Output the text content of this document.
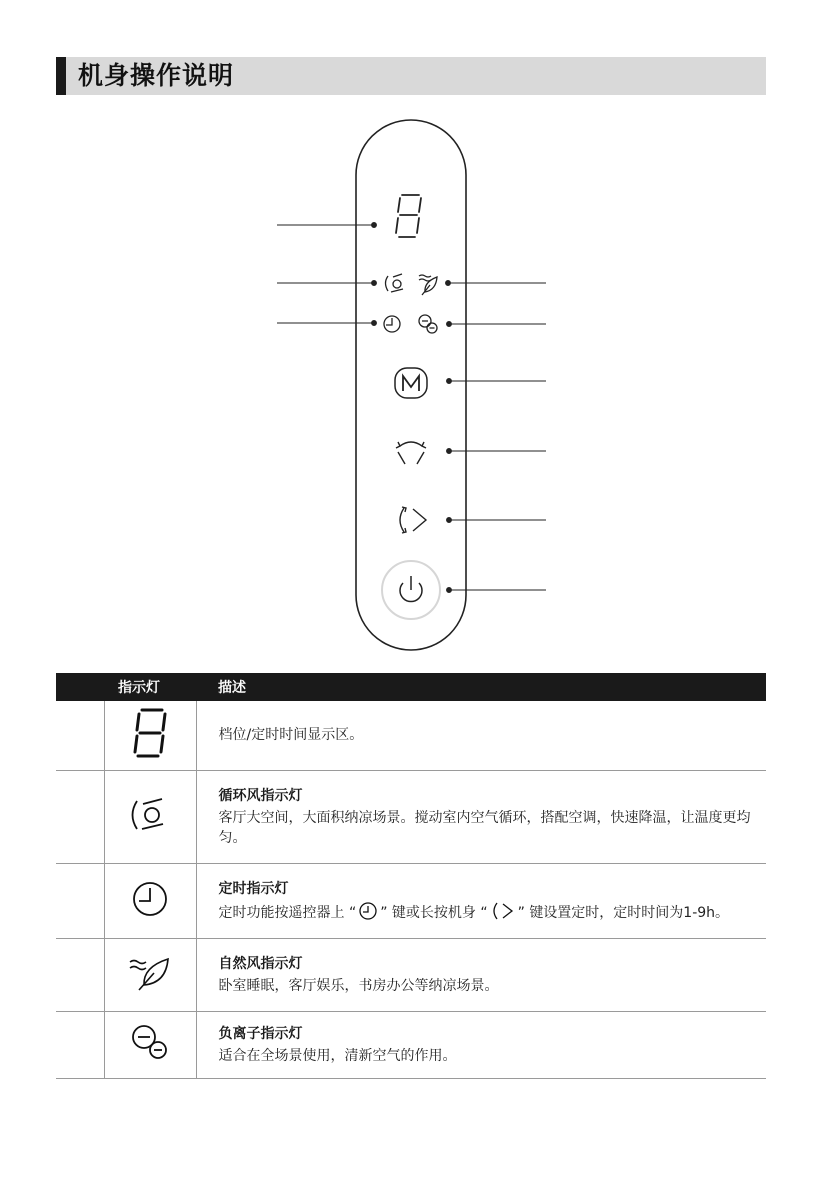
机身操作说明
	指示灯	描述

档位/定时时间显示区。

循环风指示灯
客厅大空间，大面积纳凉场景。搅动室内空气循环，搭配空调，快速降温，让温度更均匀。

定时指示灯
定时功能按遥控器上 “ ” 键或长按机身 “ ” 键设置定时，定时时间为1-9h。

自然风指示灯
卧室睡眠，客厅娱乐，书房办公等纳凉场景。

负离子指示灯
适合在全场景使用，清新空气的作用。
